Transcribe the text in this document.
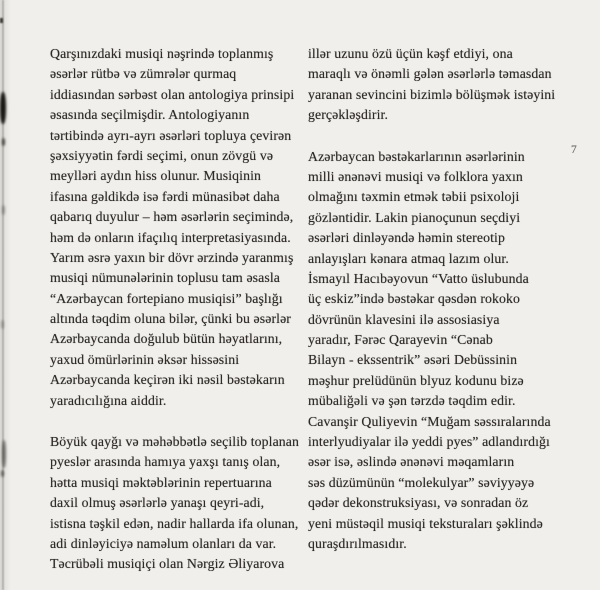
Qarşınızdaki musiqi nəşrində toplanmış
əsərlər rütbə və zümrələr qurmaq
iddiasından sərbəst olan antologiya prinsipi
əsasında seçilmişdir. Antologiyanın
tərtibində ayrı-ayrı əsərləri topluya çevirən
şəxsiyyətin fərdi seçimi, onun zövgü və
meylləri aydın hiss olunur. Musiqinin
ifasına gəldikdə isə fərdi münasibət daha
qabarıq duyulur – həm əsərlərin seçimində,
həm də onların ifaçılıq interpretasiyasında.
Yarım əsrə yaxın bir dövr ərzində yaranmış
musiqi nümunələrinin toplusu tam əsasla
“Azərbaycan fortepiano musiqisi” başlığı
altında təqdim oluna bilər, çünki bu əsərlər
Azərbaycanda doğulub bütün həyatlarını,
yaxud ömürlərinin əksər hissəsini
Azərbaycanda keçirən iki nəsil bəstəkarın
yaradıcılığına aiddir.
Böyük qayğı və məhəbbətlə seçilib toplanan
pyeslər arasında hamıya yaxşı tanış olan,
hətta musiqi məktəblərinin repertuarına
daxil olmuş əsərlərlə yanaşı qeyri-adi,
istisna təşkil edən, nadir hallarda ifa olunan,
adi dinləyiciyə naməlum olanları da var.
Təcrübəli musiqiçi olan Nərgiz Əliyarova
illər uzunu özü üçün kəşf etdiyi, ona
maraqlı və önəmli gələn əsərlərlə təmasdan
yaranan sevincini bizimlə bölüşmək istəyini
gerçəkləşdirir.
Azərbaycan bəstəkarlarının əsərlərinin
milli ənənəvi musiqi və folklora yaxın
olmağını təxmin etmək təbii psixoloji
gözləntidir. Lakin pianoçunun seçdiyi
əsərləri dinləyəndə həmin stereotip
anlayışları kənara atmaq lazım olur.
İsmayıl Hacıbəyovun “Vatto üslubunda
üç eskiz”ində bəstəkar qəsdən rokoko
dövrünün klavesini ilə assosiasiya
yaradır, Fərəc Qarayevin “Cənab
Bilayn - ekssentrik” əsəri Debüssinin
məşhur prelüdünün blyuz kodunu bizə
mübaliğəli və şən tərzdə təqdim edir.
Cavanşir Quliyevin “Muğam səssıralarında
interlyudiyalar ilə yeddi pyes” adlandırdığı
əsər isə, əslində ənənəvi məqamların
səs düzümünün “molekulyar” səviyyəyə
qədər dekonstruksiyası, və sonradan öz
yeni müstəqil musiqi teksturaları şəklində
quraşdırılmasıdır.
7
